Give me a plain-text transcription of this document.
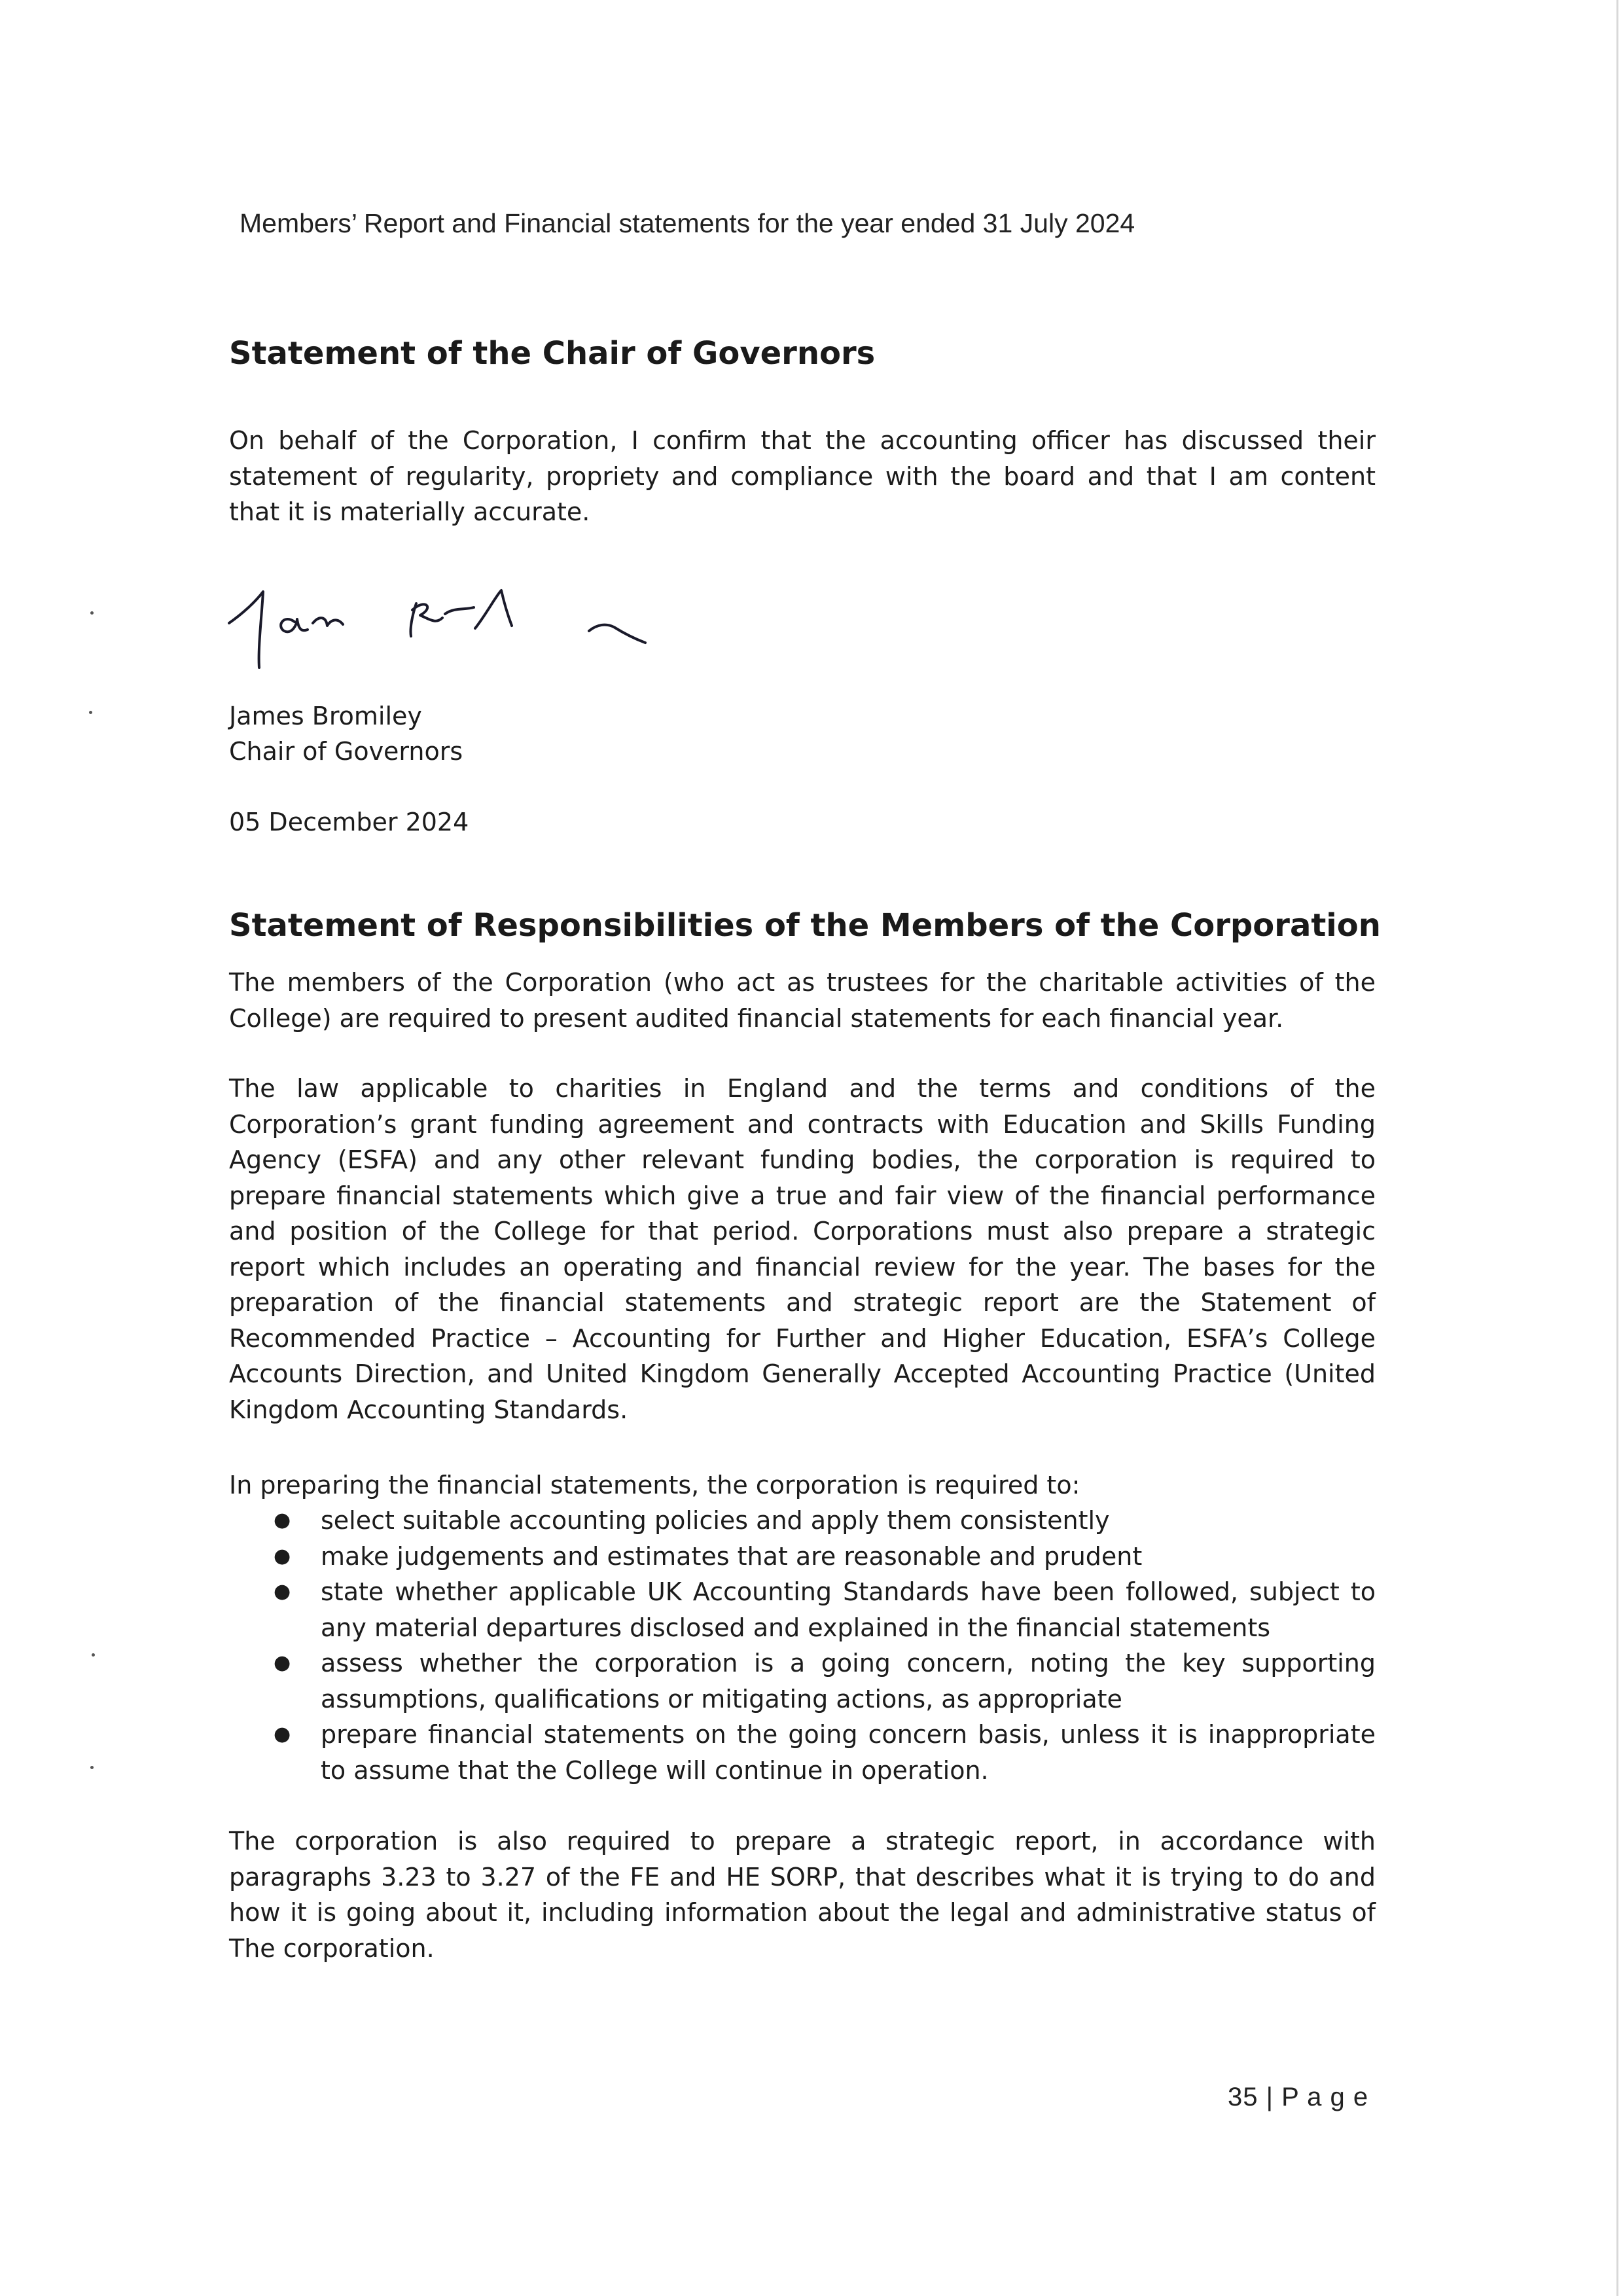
Members’ Report and Financial statements for the year ended 31 July 2024
Statement of the Chair of Governors

On behalf of the Corporation, I confirm that the accounting officer has discussed their statement of regularity, propriety and compliance with the board and that I am content that it is materially accurate.

James Bromiley
Chair of Governors
05 December 2024
Statement of Responsibilities of the Members of the Corporation

The members of the Corporation (who act as trustees for the charitable activities of the College) are required to present audited financial statements for each financial year.

The law applicable to charities in England and the terms and conditions of the Corporation’s grant funding agreement and contracts with Education and Skills Funding Agency (ESFA) and any other relevant funding bodies, the corporation is required to prepare financial statements which give a true and fair view of the financial performance and position of the College for that period. Corporations must also prepare a strategic report which includes an operating and financial review for the year. The bases for the preparation of the financial statements and strategic report are the Statement of Recommended Practice – Accounting for Further and Higher Education, ESFA’s College Accounts Direction, and United Kingdom Generally Accepted Accounting Practice (United Kingdom Accounting Standards.

In preparing the financial statements, the corporation is required to:

● select suitable accounting policies and apply them consistently
● make judgements and estimates that are reasonable and prudent
● state whether applicable UK Accounting Standards have been followed, subject to any material departures disclosed and explained in the financial statements
● assess whether the corporation is a going concern, noting the key supporting assumptions, qualifications or mitigating actions, as appropriate
● prepare financial statements on the going concern basis, unless it is inappropriate to assume that the College will continue in operation.

The corporation is also required to prepare a strategic report, in accordance with paragraphs 3.23 to 3.27 of the FE and HE SORP, that describes what it is trying to do and how it is going about it, including information about the legal and administrative status of The corporation.

35 | P a g e
